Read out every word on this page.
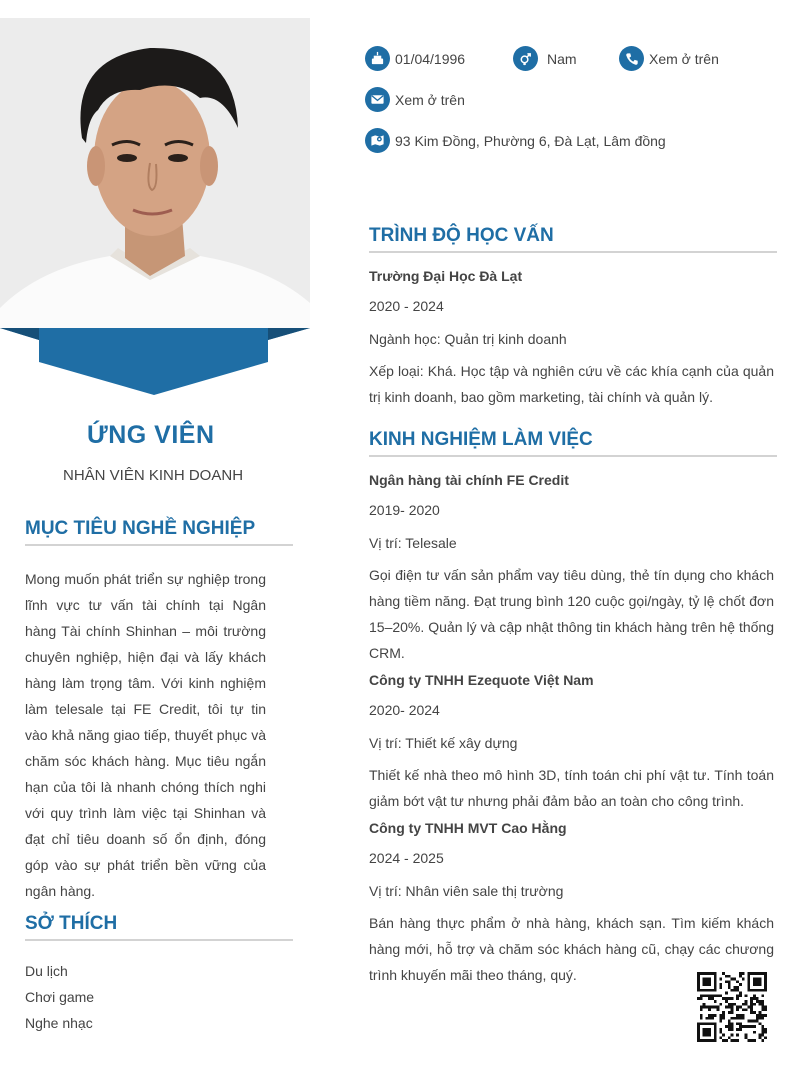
ỨNG VIÊN
NHÂN VIÊN KINH DOANH
MỤC TIÊU NGHỀ NGHIỆP
Mong muốn phát triển sự nghiệp trong lĩnh vực tư vấn tài chính tại Ngân hàng Tài chính Shinhan – môi trường chuyên nghiệp, hiện đại và lấy khách hàng làm trọng tâm. Với kinh nghiệm làm telesale tại FE Credit, tôi tự tin vào khả năng giao tiếp, thuyết phục và chăm sóc khách hàng. Mục tiêu ngắn hạn của tôi là nhanh chóng thích nghi với quy trình làm việc tại Shinhan và đạt chỉ tiêu doanh số ổn định, đóng góp vào sự phát triển bền vững của ngân hàng.
SỞ THÍCH
Du lịch
Chơi game
Nghe nhạc
01/04/1996	Nam	Xem ở trên
Xem ở trên
93 Kim Đồng, Phường 6, Đà Lạt, Lâm đồng
TRÌNH ĐỘ HỌC VẤN
Trường Đại Học Đà Lạt
2020 - 2024
Ngành học: Quản trị kinh doanh
Xếp loại: Khá. Học tập và nghiên cứu về các khía cạnh của quản trị kinh doanh, bao gồm marketing, tài chính và quản lý.
KINH NGHIỆM LÀM VIỆC
Ngân hàng tài chính FE Credit
2019- 2020
Vị trí: Telesale
Gọi điện tư vấn sản phẩm vay tiêu dùng, thẻ tín dụng cho khách hàng tiềm năng. Đạt trung bình 120 cuộc gọi/ngày, tỷ lệ chốt đơn 15–20%. Quản lý và cập nhật thông tin khách hàng trên hệ thống CRM.
Công ty TNHH Ezequote Việt Nam
2020- 2024
Vị trí: Thiết kế xây dựng
Thiết kế nhà theo mô hình 3D, tính toán chi phí vật tư. Tính toán giảm bớt vật tư nhưng phải đảm bảo an toàn cho công trình.
Công ty TNHH MVT Cao Hằng
2024 - 2025
Vị trí: Nhân viên sale thị trường
Bán hàng thực phẩm ở nhà hàng, khách sạn. Tìm kiếm khách hàng mới, hỗ trợ và chăm sóc khách hàng cũ, chạy các chương trình khuyến mãi theo tháng, quý.
